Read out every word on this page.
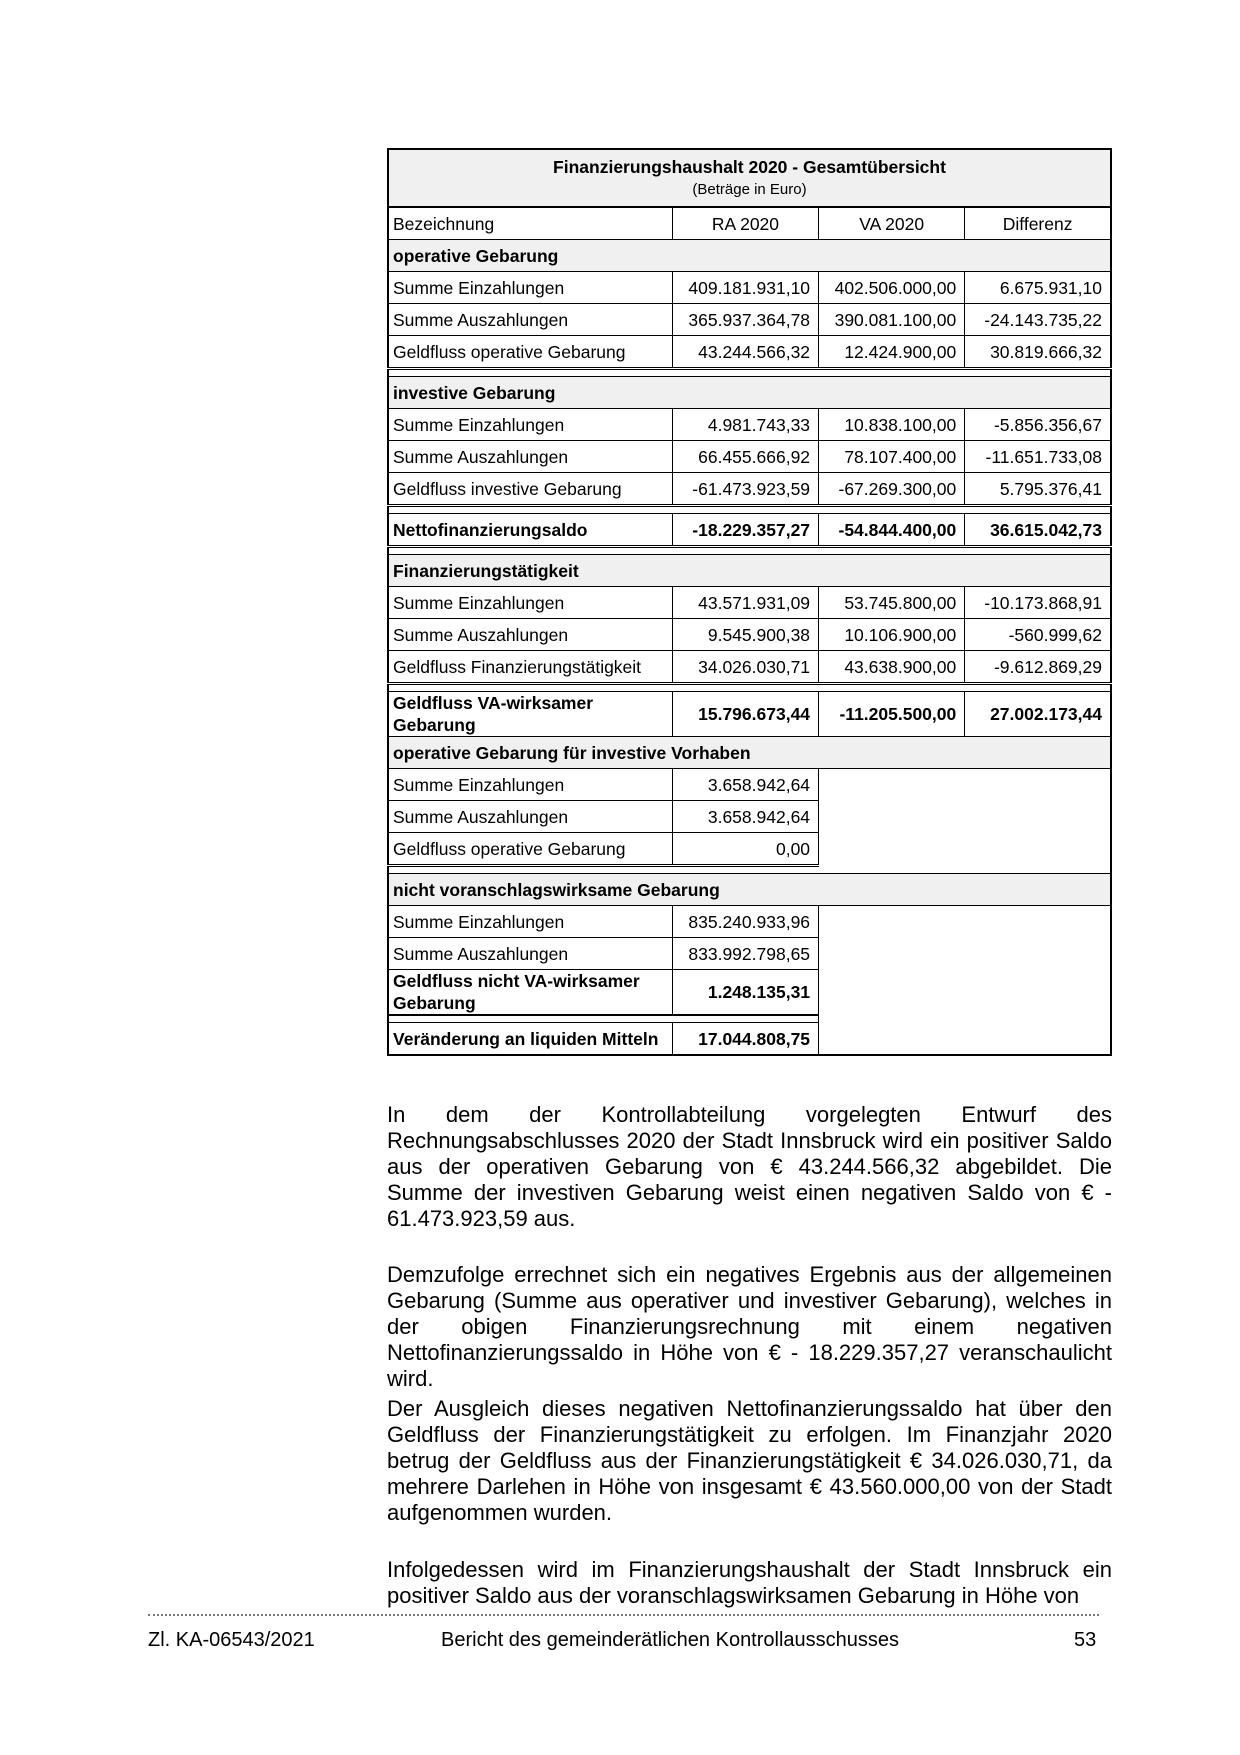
Finanzierungshaushalt 2020 - Gesamtübersicht
(Beträge in Euro)			

Bezeichnung	RA 2020	VA 2020	Differenz
operative Gebarung			
Summe Einzahlungen	409.181.931,10	402.506.000,00	6.675.931,10
Summe Auszahlungen	365.937.364,78	390.081.100,00	-24.143.735,22
Geldfluss operative Gebarung	43.244.566,32	12.424.900,00	30.819.666,32

investive Gebarung			
Summe Einzahlungen	4.981.743,33	10.838.100,00	-5.856.356,67
Summe Auszahlungen	66.455.666,92	78.107.400,00	-11.651.733,08
Geldfluss investive Gebarung	-61.473.923,59	-67.269.300,00	5.795.376,41

Nettofinanzierungsaldo	-18.229.357,27	-54.844.400,00	36.615.042,73

Finanzierungstätigkeit			
Summe Einzahlungen	43.571.931,09	53.745.800,00	-10.173.868,91
Summe Auszahlungen	9.545.900,38	10.106.900,00	-560.999,62
Geldfluss Finanzierungstätigkeit	34.026.030,71	43.638.900,00	-9.612.869,29

Geldfluss VA-wirksamer Gebarung	15.796.673,44	-11.205.500,00	27.002.173,44
operative Gebarung für investive Vorhaben			
Summe Einzahlungen	3.658.942,64		
Summe Auszahlungen	3.658.942,64		
Geldfluss operative Gebarung	0,00		

nicht voranschlagswirksame Gebarung			
Summe Einzahlungen	835.240.933,96		
Summe Auszahlungen	833.992.798,65		
Geldfluss nicht VA-wirksamer Gebarung	1.248.135,31		

Veränderung an liquiden Mitteln	17.044.808,75		

In dem der Kontrollabteilung vorgelegten Entwurf des Rechnungsabschlusses 2020 der Stadt Innsbruck wird ein positiver Saldo aus der operativen Gebarung von € 43.244.566,32 abgebildet. Die Summe der investiven Gebarung weist einen negativen Saldo von € - 61.473.923,59 aus.

Demzufolge errechnet sich ein negatives Ergebnis aus der allgemeinen Gebarung (Summe aus operativer und investiver Gebarung), welches in der obigen Finanzierungsrechnung mit einem negativen Nettofinanzierungssaldo in Höhe von € - 18.229.357,27 veranschaulicht wird.

Der Ausgleich dieses negativen Nettofinanzierungssaldo hat über den Geldfluss der Finanzierungstätigkeit zu erfolgen. Im Finanzjahr 2020 betrug der Geldfluss aus der Finanzierungstätigkeit € 34.026.030,71, da mehrere Darlehen in Höhe von insgesamt € 43.560.000,00 von der Stadt aufgenommen wurden.

Infolgedessen wird im Finanzierungshaushalt der Stadt Innsbruck ein positiver Saldo aus der voranschlagswirksamen Gebarung in Höhe von

Zl. KA-06543/2021	Bericht des gemeinderätlichen Kontrollausschusses	53
